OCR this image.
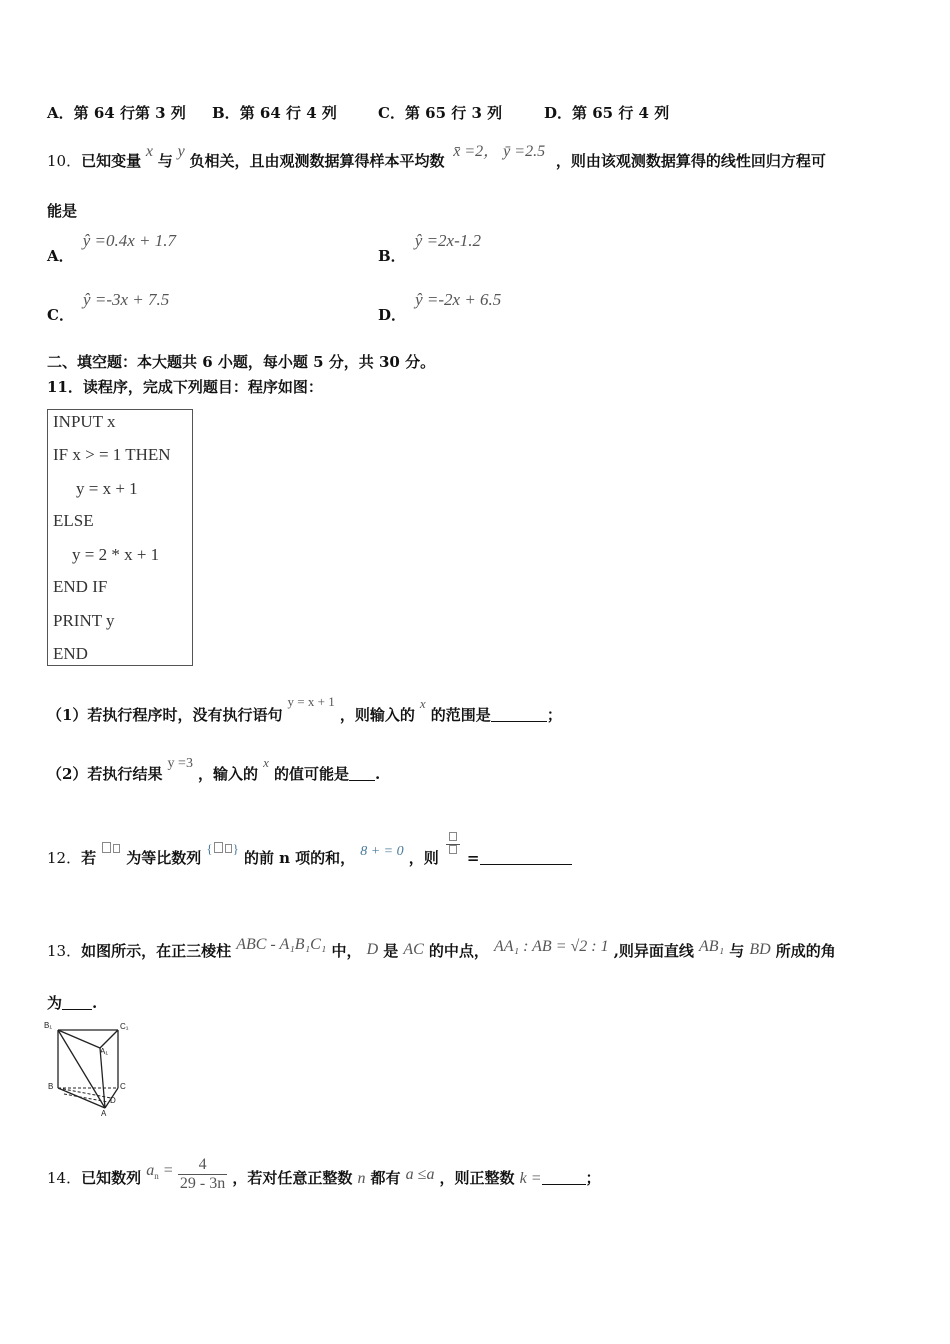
A．第 64 行第 3 列 B．第 64 行 4 列	C．第 65 行 3 列	D．第 65 行 4 列
10．已知变量 x 与 y 负相关，且由观测数据算得样本平均数 x̄ =2， ȳ =2.5 ，则由该观测数据算得的线性回归方程可
能是
A． ŷ =0.4x + 1.7
B． ŷ =2x-1.2
C． ŷ =-3x + 7.5
D． ŷ =-2x + 6.5
二、填空题：本大题共 6 小题，每小题 5 分，共 30 分。
11．读程序，完成下列题目：程序如图：
INPUT x
IF x > = 1 THEN
y = x + 1
ELSE
y = 2 * x + 1
END IF
PRINT y
END
（1）若执行程序时，没有执行语句 $^{y = x + 1}$ ，则输入的 $^x$ 的范围是	；
（2）若执行结果 y =3 ，输入的 $^x$ 的值可能是 .
12．若 为等比数列 { } 的前 n 项的和， 8 + = 0 ，则 =
13．如图所示，在正三棱柱 ABC - A₁B₁C₁ 中， D 是 AC 的中点， AA₁ : AB = √2 : 1 ,则异面直线 AB₁ 与 BD 所成的角
为 .
B₁	C₁
A₁
B	C
D
A
14．已知数列 $a^n = \frac{4}{29 - 3n}$ ，若对任意正整数 n 都有 a ≤a ，则正整数 k =	；
